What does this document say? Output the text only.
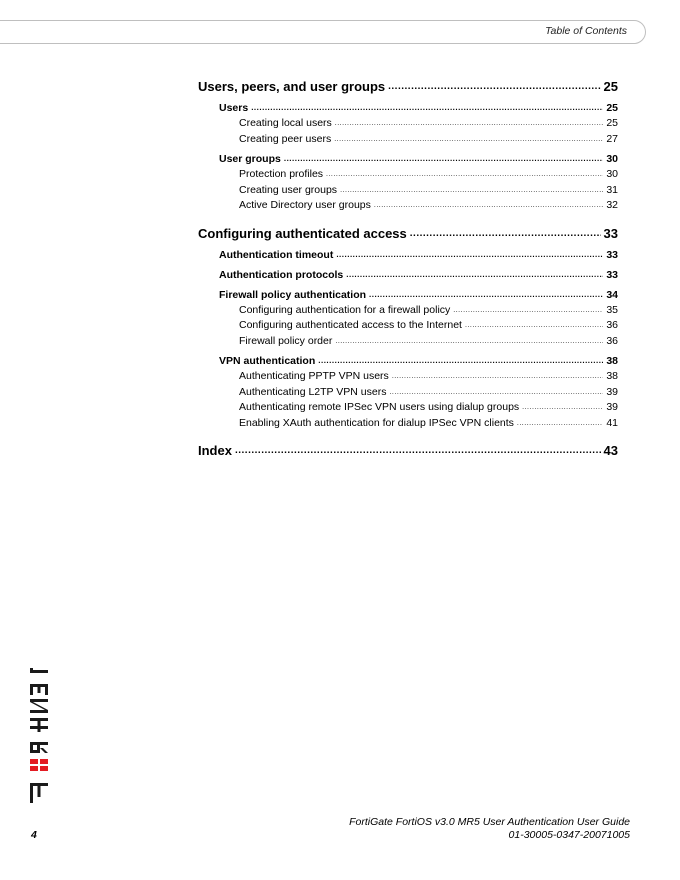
Table of Contents
Users, peers, and user groups .....	25
Users .....	25
Creating local users .....	25
Creating peer users .....	27
User groups .....	30
Protection profiles .....	30
Creating user groups .....	31
Active Directory user groups .....	32
Configuring authenticated access .....	33
Authentication timeout .....	33
Authentication protocols .....	33
Firewall policy authentication .....	34
Configuring authentication for a firewall policy .....	35
Configuring authenticated access to the Internet .....	36
Firewall policy order .....	36
VPN authentication .....	38
Authenticating PPTP VPN users .....	38
Authenticating L2TP VPN users .....	39
Authenticating remote IPSec VPN users using dialup groups .....	39
Enabling XAuth authentication for dialup IPSec VPN clients .....	41
Index .....	43
4
FortiGate FortiOS v3.0 MR5 User Authentication User Guide
01-30005-0347-20071005
